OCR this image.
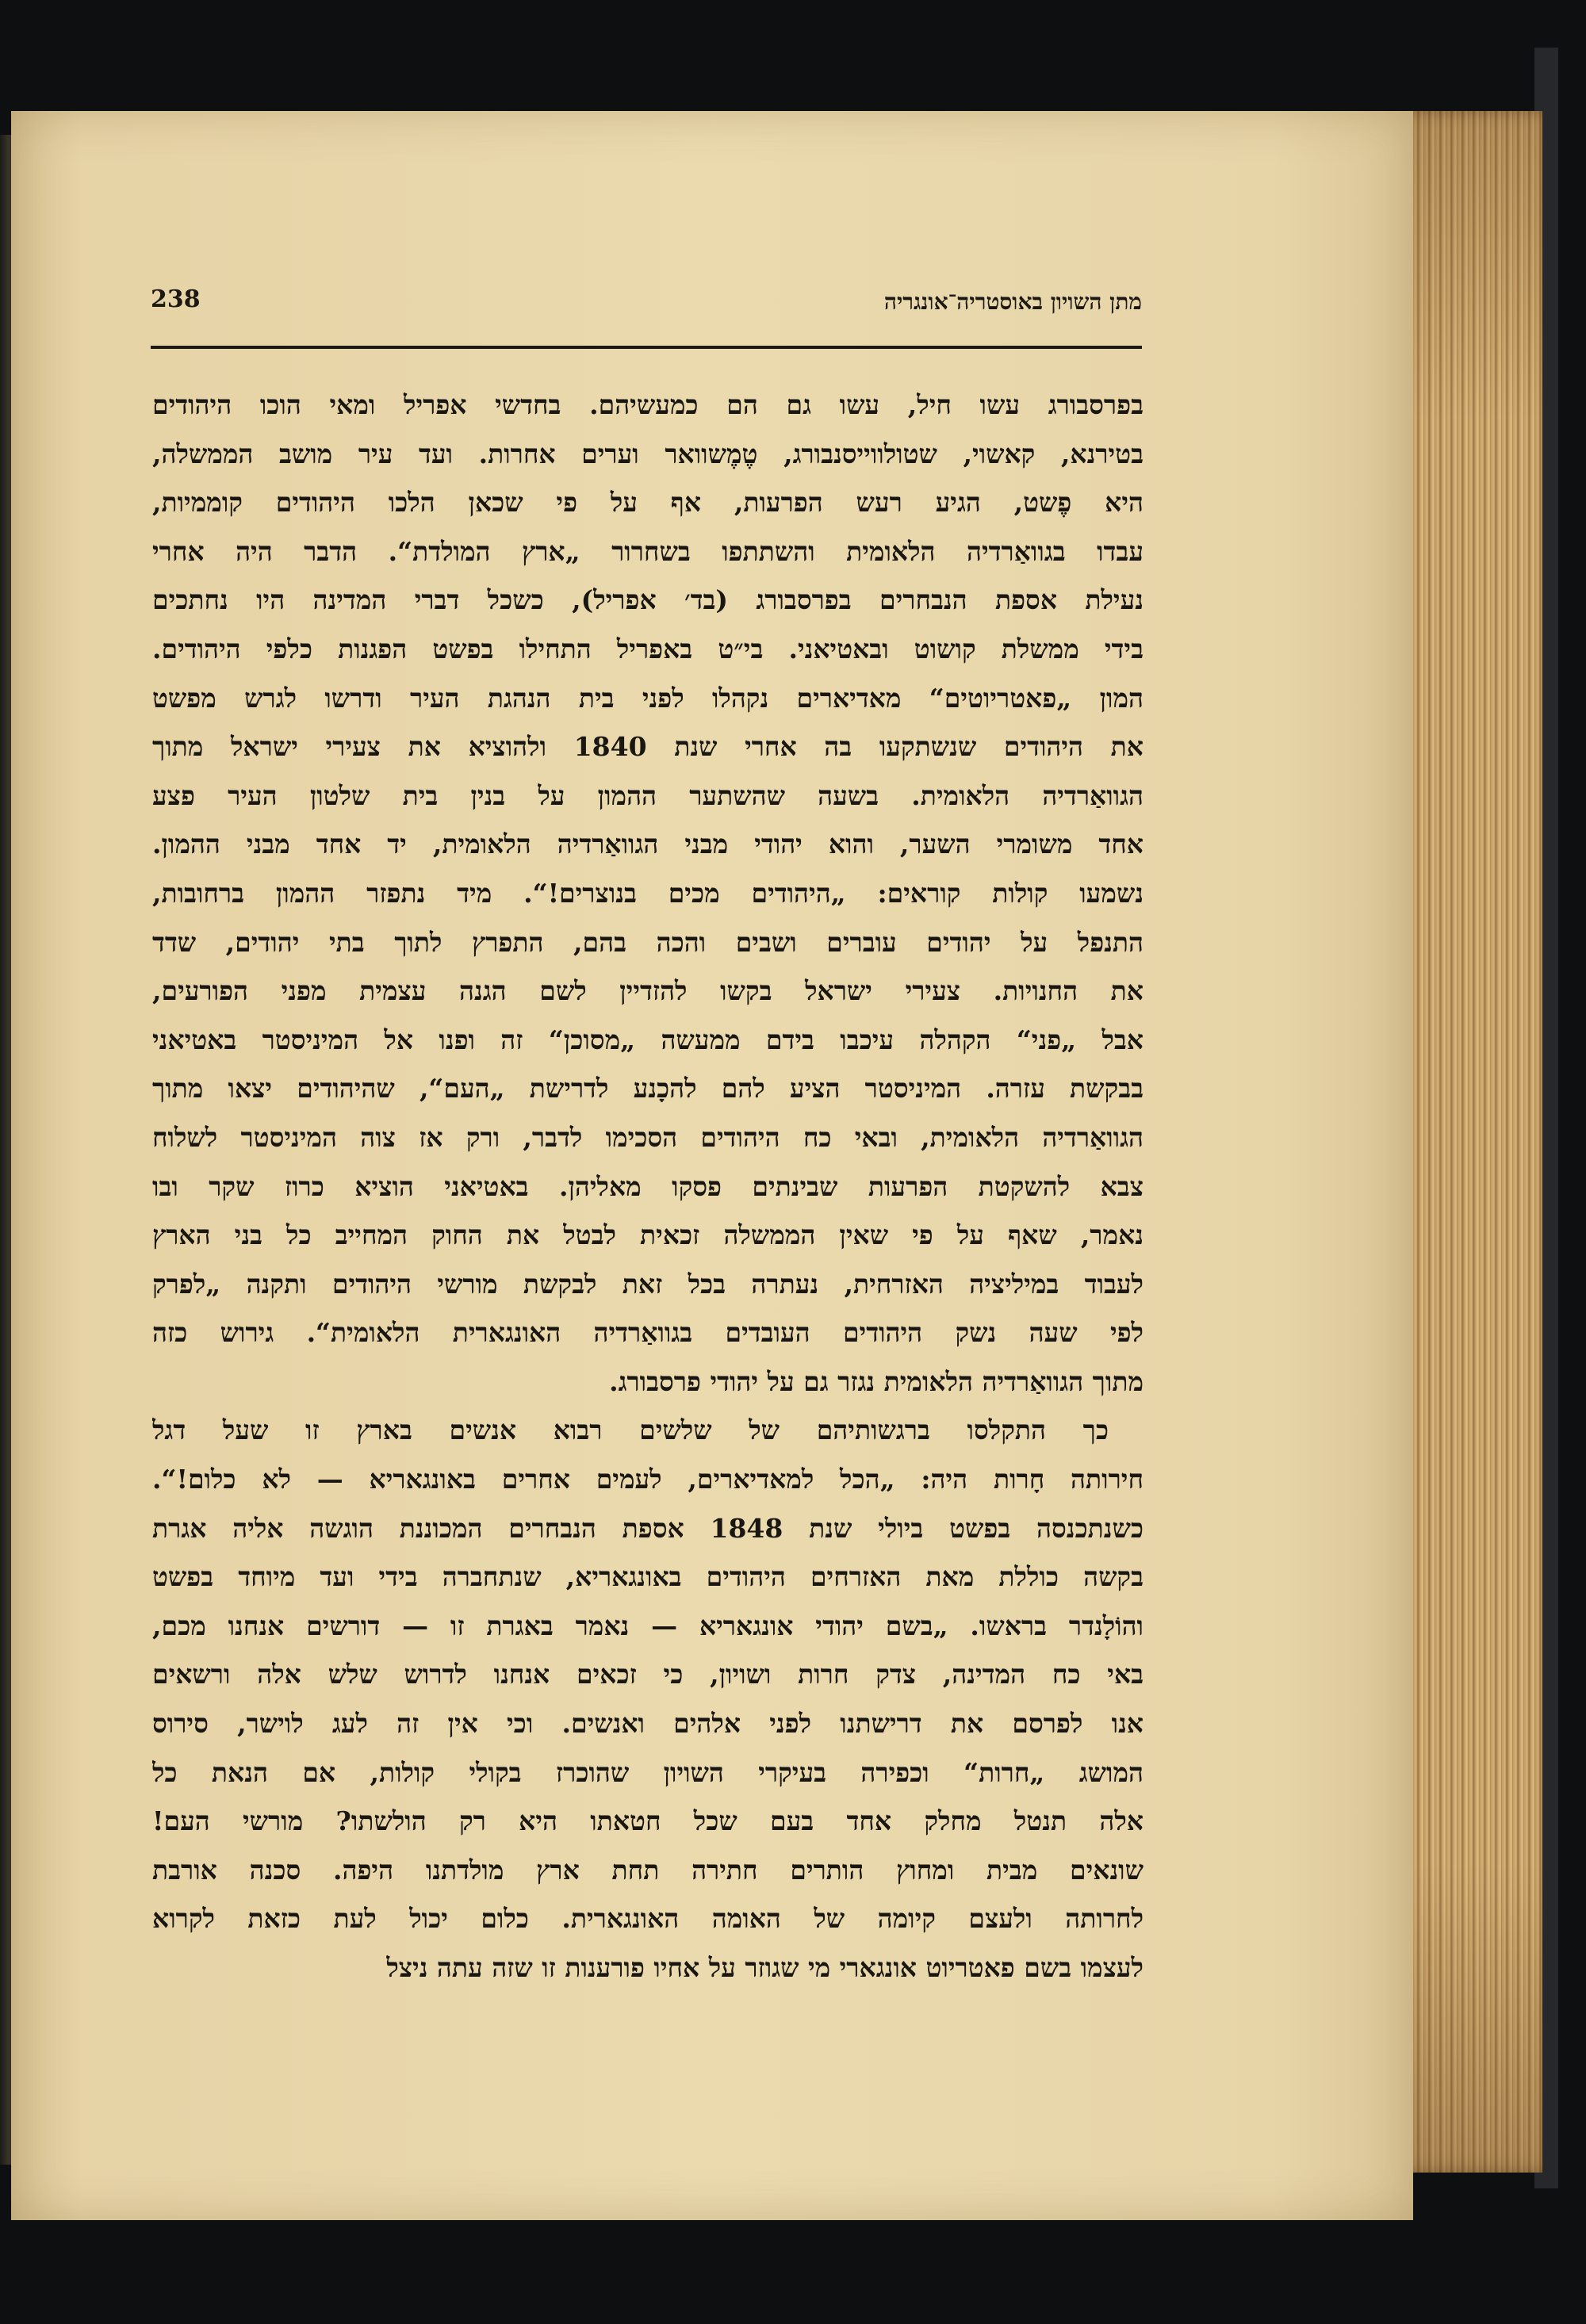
238	מתן השויון באוסטריה־אונגריה
בפרסבורג עשו חיל, עשו גם הם כמעשיהם. בחדשי אפריל ומאי הוכו היהודים
בטירנא, קאשוי, שטולווייסנבורג, טֶמֶשוואר וערים אחרות. ועד עיר מושב הממשלה,
היא פֶשט, הגיע רעש הפרעות, אף על פי שכאן הלכו היהודים קוממיות,
עבדו בגוואַרדיה הלאומית והשתתפו בשחרור „ארץ המולדת“. הדבר היה אחרי
נעילת אספת הנבחרים בפרסבורג (בד׳ אפריל), כשכל דברי המדינה היו נחתכים
בידי ממשלת קושוט ובאטיאני. בי״ט באפריל התחילו בפשט הפגנות כלפי היהודים.
המון „פאטריוטים“ מאדיארים נקהלו לפני בית הנהגת העיר ודרשו לגרש מפשט
את היהודים שנשתקעו בה אחרי שנת 1840 ולהוציא את צעירי ישראל מתוך
הגוואַרדיה הלאומית. בשעה שהשתער ההמון על בנין בית שלטון העיר פצע
אחד משומרי השער, והוא יהודי מבני הגוואַרדיה הלאומית, יד אחד מבני ההמון.
נשמעו קולות קוראים: „היהודים מכים בנוצרים!“. מיד נתפזר ההמון ברחובות,
התנפל על יהודים עוברים ושבים והכה בהם, התפרץ לתוך בתי יהודים, שדד
את החנויות. צעירי ישראל בקשו להזדיין לשם הגנה עצמית מפני הפורעים,
אבל „פני“ הקהלה עיכבו בידם ממעשה „מסוכן“ זה ופנו אל המיניסטר באטיאני
בבקשת עזרה. המיניסטר הציע להם להכָנע לדרישת „העם“, שהיהודים יצאו מתוך
הגוואַרדיה הלאומית, ובאי כח היהודים הסכימו לדבר, ורק אז צוה המיניסטר לשלוח
צבא להשקטת הפרעות שבינתים פסקו מאליהן. באטיאני הוציא כרוז שקר ובו
נאמר, שאף על פי שאין הממשלה זכאית לבטל את החוק המחייב כל בני הארץ
לעבוד במיליציה האזרחית, נעתרה בכל זאת לבקשת מורשי היהודים ותקנה „לפרק
לפי שעה נשק היהודים העובדים בגוואַרדיה האונגארית הלאומית“. גירוש כזה
מתוך הגוואַרדיה הלאומית נגזר גם על יהודי פרסבורג.
כך התקלסו ברגשותיהם של שלשים רבוא אנשים בארץ זו שעל דגל
חירותה חָרות היה: „הכל למאדיארים, לעמים אחרים באונגאריא — לא כלום!“.
כשנתכנסה בפשט ביולי שנת 1848 אספת הנבחרים המכוננת הוגשה אליה אגרת
בקשה כוללת מאת האזרחים היהודים באונגאריא, שנתחברה בידי ועד מיוחד בפשט
והוֹלָנדר בראשו. „בשם יהודי אונגאריא — נאמר באגרת זו — דורשים אנחנו מכם,
באי כח המדינה, צדק חרות ושויון, כי זכאים אנחנו לדרוש שלש אלה ורשאים
אנו לפרסם את דרישתנו לפני אלהים ואנשים. וכי אין זה לעג לוישר, סירוס
המושג „חרות“ וכפירה בעיקרי השויון שהוכרז בקולי קולות, אם הנאת כל
אלה תנטל מחלק אחד בעם שכל חטאתו היא רק הולשתו? מורשי העם!
שונאים מבית ומחוץ הותרים חתירה תחת ארץ מולדתנו היפה. סכנה אורבת
לחרותה ולעצם קיומה של האומה האונגארית. כלום יכול לעת כזאת לקרוא
לעצמו בשם פאטריוט אונגארי מי שגוזר על אחיו פורענות זו שזה עתה ניצל
